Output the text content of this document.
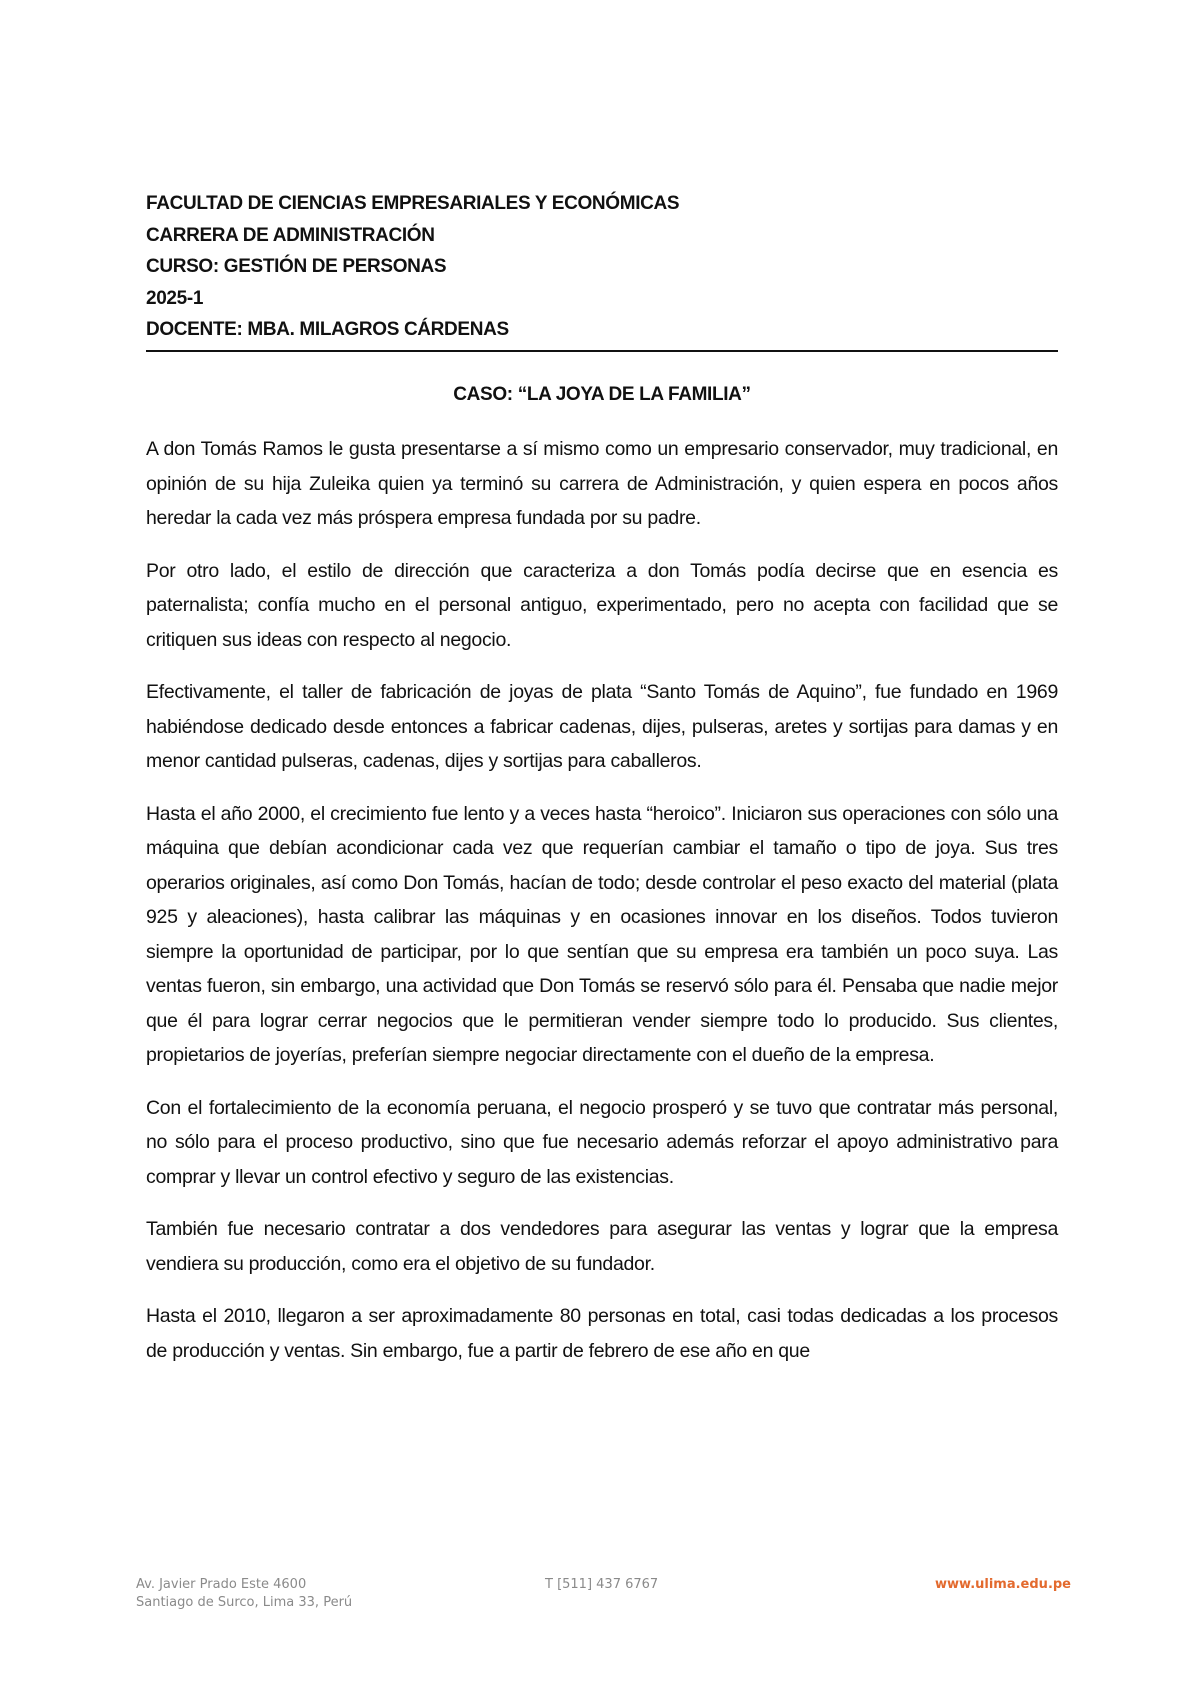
FACULTAD DE CIENCIAS EMPRESARIALES Y ECONÓMICAS
CARRERA DE ADMINISTRACIÓN
CURSO: GESTIÓN DE PERSONAS
2025-1
DOCENTE: MBA. MILAGROS CÁRDENAS
CASO: “LA JOYA DE LA FAMILIA”

A don Tomás Ramos le gusta presentarse a sí mismo como un empresario conservador, muy tradicional, en opinión de su hija Zuleika quien ya terminó su carrera de Administración, y quien espera en pocos años heredar la cada vez más próspera empresa fundada por su padre.

Por otro lado, el estilo de dirección que caracteriza a don Tomás podía decirse que en esencia es paternalista; confía mucho en el personal antiguo, experimentado, pero no acepta con facilidad que se critiquen sus ideas con respecto al negocio.

Efectivamente, el taller de fabricación de joyas de plata “Santo Tomás de Aquino”, fue fundado en 1969 habiéndose dedicado desde entonces a fabricar cadenas, dijes, pulseras, aretes y sortijas para damas y en menor cantidad pulseras, cadenas, dijes y sortijas para caballeros.

Hasta el año 2000, el crecimiento fue lento y a veces hasta “heroico”. Iniciaron sus operaciones con sólo una máquina que debían acondicionar cada vez que requerían cambiar el tamaño o tipo de joya. Sus tres operarios originales, así como Don Tomás, hacían de todo; desde controlar el peso exacto del material (plata 925 y aleaciones), hasta calibrar las máquinas y en ocasiones innovar en los diseños. Todos tuvieron siempre la oportunidad de participar, por lo que sentían que su empresa era también un poco suya. Las ventas fueron, sin embargo, una actividad que Don Tomás se reservó sólo para él. Pensaba que nadie mejor que él para lograr cerrar negocios que le permitieran vender siempre todo lo producido. Sus clientes, propietarios de joyerías, preferían siempre negociar directamente con el dueño de la empresa.

Con el fortalecimiento de la economía peruana, el negocio prosperó y se tuvo que contratar más personal, no sólo para el proceso productivo, sino que fue necesario además reforzar el apoyo administrativo para comprar y llevar un control efectivo y seguro de las existencias.

También fue necesario contratar a dos vendedores para asegurar las ventas y lograr que la empresa vendiera su producción, como era el objetivo de su fundador.

Hasta el 2010, llegaron a ser aproximadamente 80 personas en total, casi todas dedicadas a los procesos de producción y ventas. Sin embargo, fue a partir de febrero de ese año en que

Av. Javier Prado Este 4600
Santiago de Surco, Lima 33, Perú
T [511] 437 6767	www.ulima.edu.pe
